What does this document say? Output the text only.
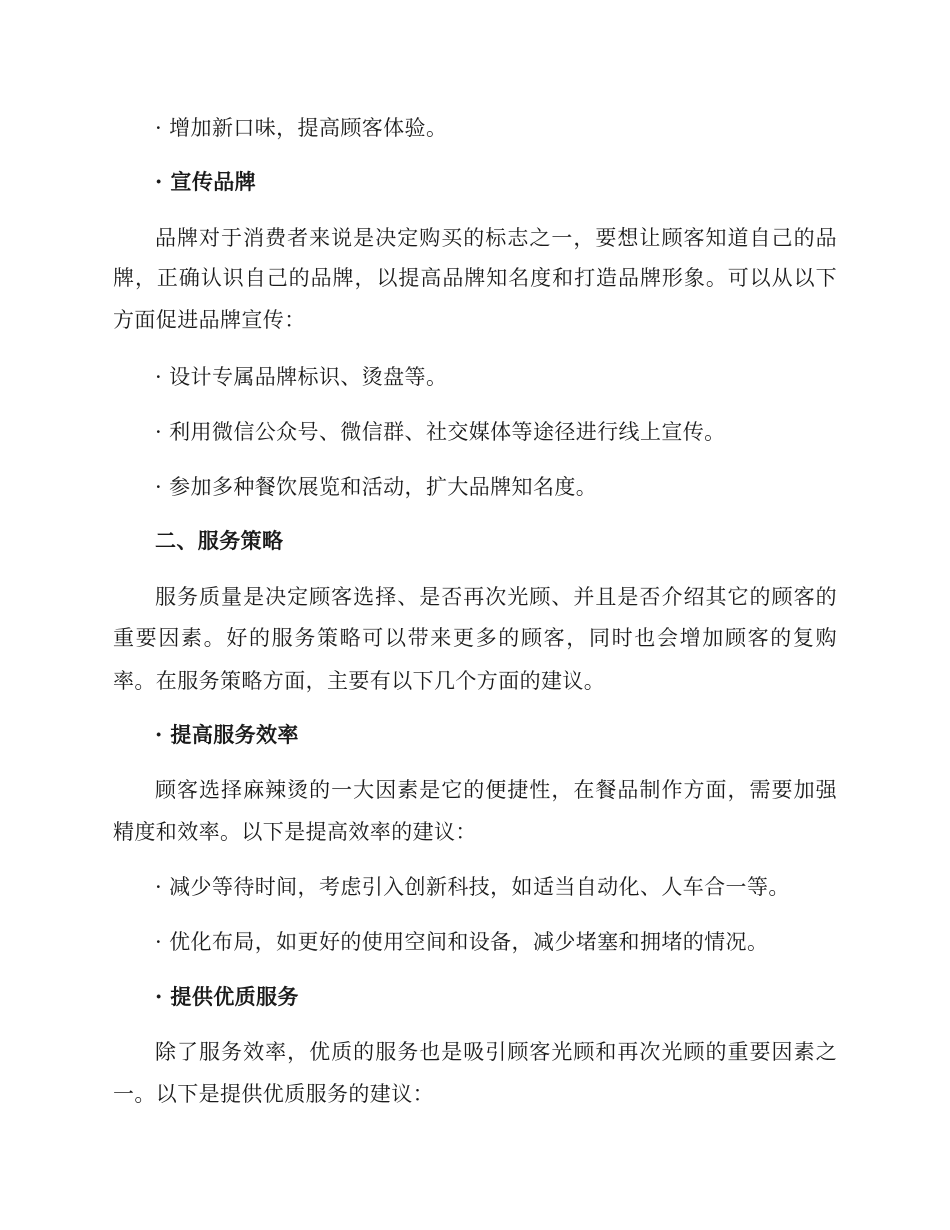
· 增加新口味，提高顾客体验。
· 宣传品牌
品牌对于消费者来说是决定购买的标志之一，要想让顾客知道自己的品
牌，正确认识自己的品牌，以提高品牌知名度和打造品牌形象。可以从以下
方面促进品牌宣传：
· 设计专属品牌标识、烫盘等。
· 利用微信公众号、微信群、社交媒体等途径进行线上宣传。
· 参加多种餐饮展览和活动，扩大品牌知名度。
二、服务策略
服务质量是决定顾客选择、是否再次光顾、并且是否介绍其它的顾客的
重要因素。好的服务策略可以带来更多的顾客，同时也会增加顾客的复购
率。在服务策略方面，主要有以下几个方面的建议。
· 提高服务效率
顾客选择麻辣烫的一大因素是它的便捷性，在餐品制作方面，需要加强
精度和效率。以下是提高效率的建议：
· 减少等待时间，考虑引入创新科技，如适当自动化、人车合一等。
· 优化布局，如更好的使用空间和设备，减少堵塞和拥堵的情况。
· 提供优质服务
除了服务效率，优质的服务也是吸引顾客光顾和再次光顾的重要因素之
一。以下是提供优质服务的建议：
